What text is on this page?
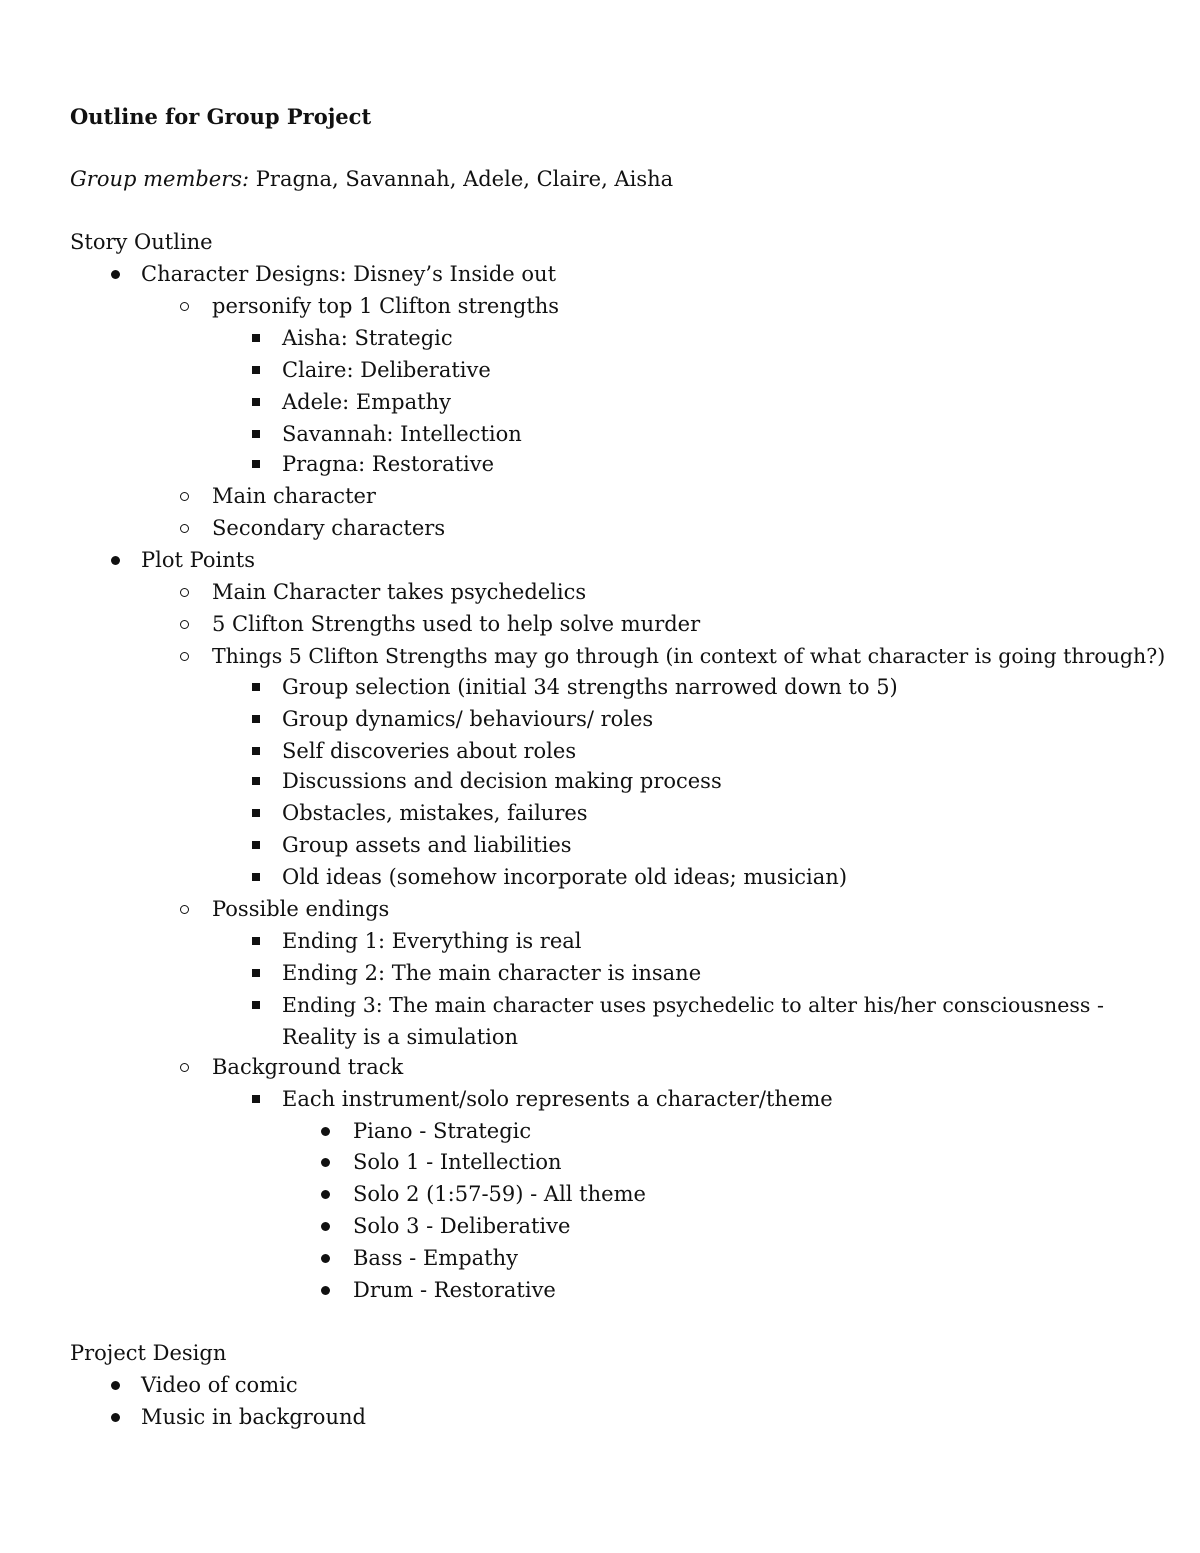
Outline for Group Project
Group members: Pragna, Savannah, Adele, Claire, Aisha
Story Outline
Character Designs: Disney’s Inside out
personify top 1 Clifton strengths
Aisha: Strategic
Claire: Deliberative
Adele: Empathy
Savannah: Intellection
Pragna: Restorative
Main character
Secondary characters
Plot Points
Main Character takes psychedelics
5 Clifton Strengths used to help solve murder
Things 5 Clifton Strengths may go through (in context of what character is going through?)
Group selection (initial 34 strengths narrowed down to 5)
Group dynamics/ behaviours/ roles
Self discoveries about roles
Discussions and decision making process
Obstacles, mistakes, failures
Group assets and liabilities
Old ideas (somehow incorporate old ideas; musician)
Possible endings
Ending 1: Everything is real
Ending 2: The main character is insane
Ending 3: The main character uses psychedelic to alter his/her consciousness -
Reality is a simulation
Background track
Each instrument/solo represents a character/theme
Piano - Strategic
Solo 1 - Intellection
Solo 2 (1:57-59) - All theme
Solo 3 - Deliberative
Bass - Empathy
Drum - Restorative
Project Design
Video of comic
Music in background
